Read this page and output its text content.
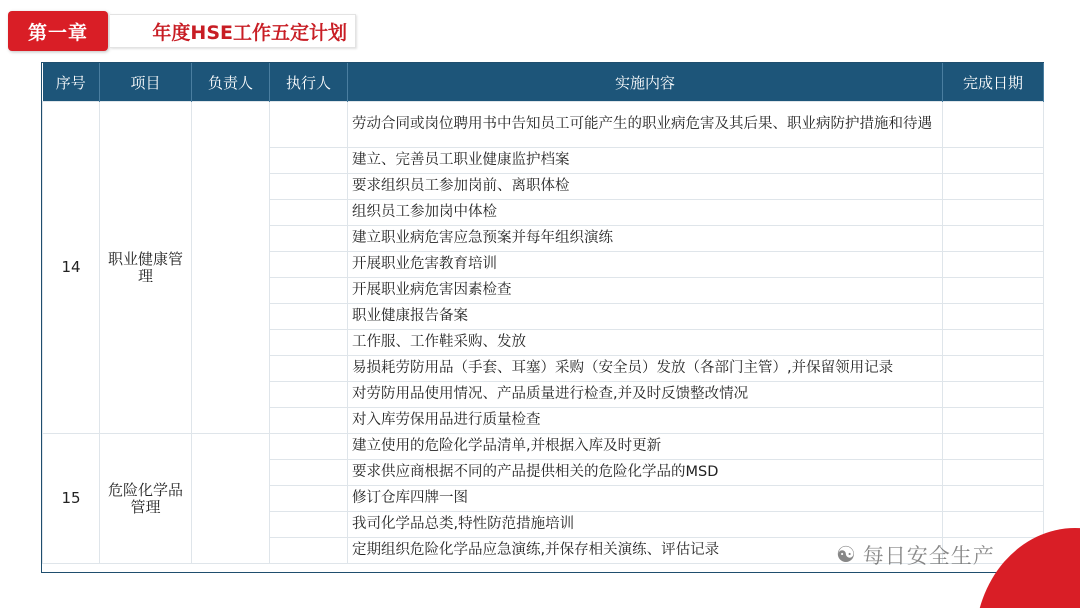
第一章	年度HSE工作五定计划
序号	项目	负责人	执行人	实施内容	完成日期
14	职业健康管理			劳动合同或岗位聘用书中告知员工可能产生的职业病危害及其后果、职业病防护措施和待遇	
				建立、完善员工职业健康监护档案	
				要求组织员工参加岗前、离职体检	
				组织员工参加岗中体检	
				建立职业病危害应急预案并每年组织演练	
				开展职业危害教育培训	
				开展职业病危害因素检查	
				职业健康报告备案	
				工作服、工作鞋采购、发放	
				易损耗劳防用品（手套、耳塞）采购（安全员）发放（各部门主管）,并保留领用记录	
				对劳防用品使用情况、产品质量进行检查,并及时反馈整改情况	
				对入库劳保用品进行质量检查	
15	危险化学品管理			建立使用的危险化学品清单,并根据入库及时更新	
				要求供应商根据不同的产品提供相关的危险化学品的MSD	
				修订仓库四牌一图	
				我司化学品总类,特性防范措施培训	
				定期组织危险化学品应急演练,并保存相关演练、评估记录		☯ 每日安全生产
